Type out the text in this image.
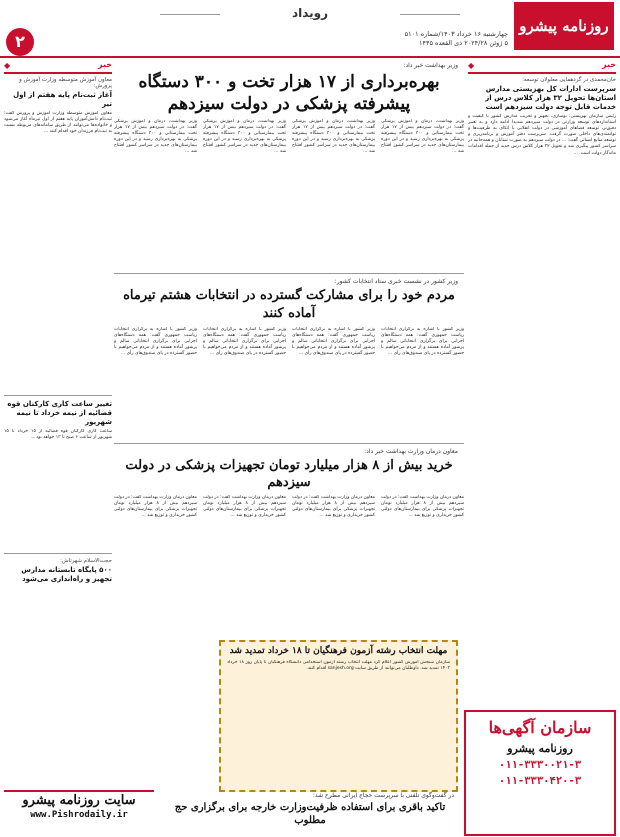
۲
رویداد
روزنامه پیشرو
چهارشنبه ۱۶ خرداد ۱۴۰۳/شماره ۵۱۰۱
۵ ژوئن ۲۰۲۴/۲۸ ذی القعده ۱۴۴۵
خبر
◆
خان‌محمدی در گردهمایی معلولان توسعه:
سرپرست ادارات کل بهزیستی مدارس استان‌ها تحویل ۳۲ هزار کلاس درس از خدمات قابل توجه دولت سیزدهم است
رئیس سازمان بهزیستی: نوسازی، تجهیز و تخریب مدارس کشور با کیفیت و استانداردهای توسعه وزارتی در دولت سیزدهم شدیدا ادامه دارد و به تعبیر دقیق‌تر، توسعه فضاهای آموزشی در دولت انقلابی با اتکای به ظرفیت‌ها و توانمندی‌های داخلی صورت گرفت. سرپرست دفتر آموزش و برنامه‌ریزی و توسعه منابع انسانی گفت: ... در دولت سیزدهم به صورت شتابان و همه‌جانبه در سراسر کشور پیگیری شد و تحویل ۳۲ هزار کلاس درس جدید از جمله اقدامات ماندگار دولت است. ...
وزیر بهداشت خبر داد:
بهره‌برداری از ۱۷ هزار تخت و ۳۰۰ دستگاه پیشرفته پزشکی در دولت سیزدهم
وزیر بهداشت، درمان و آموزش پزشکی گفت: در دولت سیزدهم بیش از ۱۷ هزار تخت بیمارستانی و ۳۰۰ دستگاه پیشرفته پزشکی به بهره‌برداری رسید و در این دوره بیمارستان‌های جدید در سراسر کشور افتتاح شد ...
وزیر بهداشت، درمان و آموزش پزشکی گفت: در دولت سیزدهم بیش از ۱۷ هزار تخت بیمارستانی و ۳۰۰ دستگاه پیشرفته پزشکی به بهره‌برداری رسید و در این دوره بیمارستان‌های جدید در سراسر کشور افتتاح شد ...
وزیر بهداشت، درمان و آموزش پزشکی گفت: در دولت سیزدهم بیش از ۱۷ هزار تخت بیمارستانی و ۳۰۰ دستگاه پیشرفته پزشکی به بهره‌برداری رسید و در این دوره بیمارستان‌های جدید در سراسر کشور افتتاح شد ...
وزیر بهداشت، درمان و آموزش پزشکی گفت: در دولت سیزدهم بیش از ۱۷ هزار تخت بیمارستانی و ۳۰۰ دستگاه پیشرفته پزشکی به بهره‌برداری رسید و در این دوره بیمارستان‌های جدید در سراسر کشور افتتاح شد ...
وزیر کشور در نشست خبری ستاد انتخابات کشور:
مردم خود را برای مشارکت گسترده در انتخابات هشتم تیرماه آماده کنند
وزیر کشور با اشاره به برگزاری انتخابات ریاست جمهوری گفت: همه دستگاه‌های اجرایی برای برگزاری انتخاباتی سالم و پرشور آماده هستند و از مردم می‌خواهیم با حضور گسترده در پای صندوق‌های رأی ...
وزیر کشور با اشاره به برگزاری انتخابات ریاست جمهوری گفت: همه دستگاه‌های اجرایی برای برگزاری انتخاباتی سالم و پرشور آماده هستند و از مردم می‌خواهیم با حضور گسترده در پای صندوق‌های رأی ...
وزیر کشور با اشاره به برگزاری انتخابات ریاست جمهوری گفت: همه دستگاه‌های اجرایی برای برگزاری انتخاباتی سالم و پرشور آماده هستند و از مردم می‌خواهیم با حضور گسترده در پای صندوق‌های رأی ...
وزیر کشور با اشاره به برگزاری انتخابات ریاست جمهوری گفت: همه دستگاه‌های اجرایی برای برگزاری انتخاباتی سالم و پرشور آماده هستند و از مردم می‌خواهیم با حضور گسترده در پای صندوق‌های رأی ...
معاون درمان وزارت بهداشت خبر داد:
خرید بیش از ۸ هزار میلیارد تومان تجهیزات پزشکی در دولت سیزدهم
معاون درمان وزارت بهداشت گفت: در دولت سیزدهم بیش از ۸ هزار میلیارد تومان تجهیزات پزشکی برای بیمارستان‌های دولتی کشور خریداری و توزیع شد ...
معاون درمان وزارت بهداشت گفت: در دولت سیزدهم بیش از ۸ هزار میلیارد تومان تجهیزات پزشکی برای بیمارستان‌های دولتی کشور خریداری و توزیع شد ...
معاون درمان وزارت بهداشت گفت: در دولت سیزدهم بیش از ۸ هزار میلیارد تومان تجهیزات پزشکی برای بیمارستان‌های دولتی کشور خریداری و توزیع شد ...
معاون درمان وزارت بهداشت گفت: در دولت سیزدهم بیش از ۸ هزار میلیارد تومان تجهیزات پزشکی برای بیمارستان‌های دولتی کشور خریداری و توزیع شد ...
مهلت انتخاب رشته آزمون فرهنگیان تا ۱۸ خرداد تمدید شد
سازمان سنجش آموزش کشور اعلام کرد مهلت انتخاب رشته آزمون استخدامی دانشگاه فرهنگیان تا پایان روز ۱۸ خرداد ۱۴۰۳ تمدید شد. داوطلبان می‌توانند از طریق سایت sanjesh.org اقدام کنند.
خبر
◆
معاون آموزش متوسطه وزارت آموزش و پرورش:
آغاز ثبت‌نام پایه هفتم از اول تیر
معاون آموزش متوسطه وزارت آموزش و پرورش گفت: ثبت‌نام دانش‌آموزان پایه هفتم از اول تیرماه آغاز می‌شود و خانواده‌ها می‌توانند از طریق سامانه‌های مربوطه نسبت به ثبت‌نام فرزندان خود اقدام کنند ...
تغییر ساعت کاری کارکنان قوه قضائیه از نیمه خرداد تا نیمه شهریور
ساعت کاری کارکنان قوه قضائیه از ۱۵ خرداد تا ۱۵ شهریور از ساعت ۶ صبح تا ۱۳ خواهد بود ...
حجت‌الاسلام شهرتاش:
۵۰۰ پایگاه تابستانه مدارس تجهیز و راه‌اندازی می‌شود
در گفت‌وگوی تلفنی با سرپرست حجاج ایرانی مطرح شد:
تاکید باقری برای استفاده ظرفیت‌وزارت خارجه برای برگزاری حج مطلوب
سازمان آگهی‌ها
روزنامه پیشرو
۰۱۱-۳۳۳۰۰۲۱-۳
۰۱۱-۳۳۳۰۴۲۰-۳
سایت روزنامه پیشرو
www.Pishrodaily.ir
